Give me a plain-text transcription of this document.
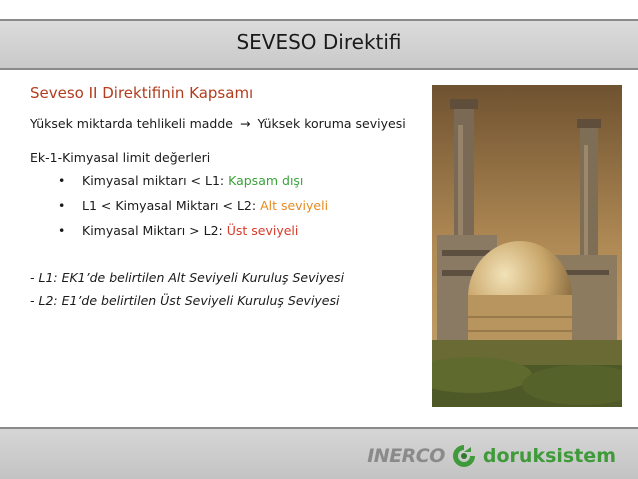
SEVESO Direktifi
Seveso II Direktifinin Kapsamı
Yüksek miktarda tehlikeli madde → Yüksek koruma seviyesi
Ek-1-Kimyasal limit değerleri
• Kimyasal miktarı < L1: Kapsam dışı
• L1 < Kimyasal Miktarı < L2: Alt seviyeli
• Kimyasal Miktarı > L2: Üst seviyeli
- L1: EK1’de belirtilen Alt Seviyeli Kuruluş Seviyesi
- L2: E1’de belirtilen Üst Seviyeli Kuruluş Seviyesi
INERCO doruksistem
